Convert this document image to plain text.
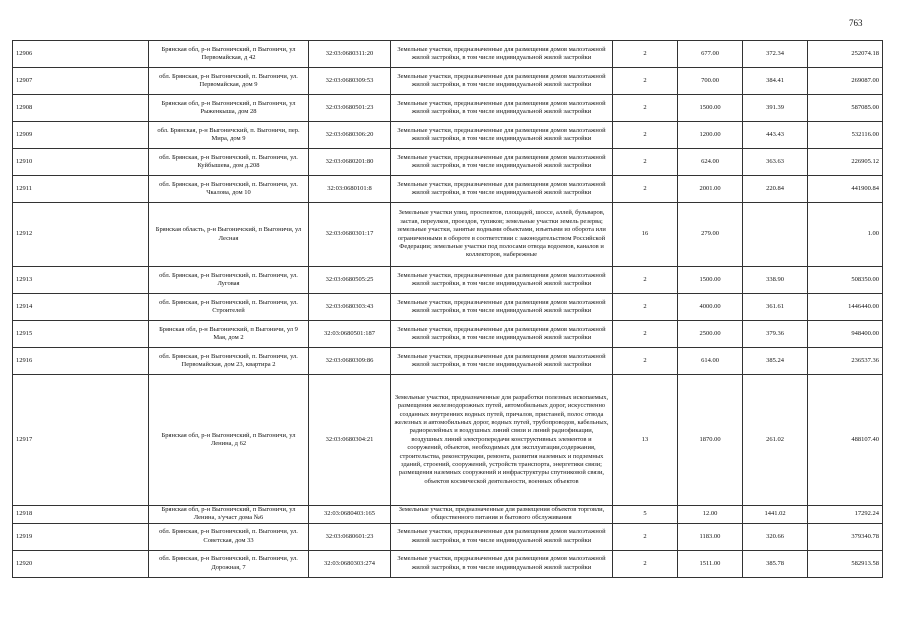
763
12906	Брянская обл, р-н Выгоничский, п Выгоничи, ул Первомайская, д 42	32:03:0680311:20	Земельные участки, предназначенные для размещения домов малоэтажной жилой застройки, в том числе индивидуальной жилой застройки	2	677.00	372.34	252074.18
12907	обл. Брянская, р-н Выгоничский, п. Выгоничи, ул. Первомайская, дом 9	32:03:0680309:53	Земельные участки, предназначенные для размещения домов малоэтажной жилой застройки, в том числе индивидуальной жилой застройки	2	700.00	384.41	269087.00
12908	Брянская обл, р-н Выгоничский, п Выгоничи, ул Рыженкыша, дом 28	32:03:0680501:23	Земельные участки, предназначенные для размещения домов малоэтажной жилой застройки, в том числе индивидуальной жилой застройки	2	1500.00	391.39	587085.00
12909	обл. Брянская, р-н Выгоничский, п. Выгоничи, пер. Мира, дом 9	32:03:0680306:20	Земельные участки, предназначенные для размещения домов малоэтажной жилой застройки, в том числе индивидуальной жилой застройки	2	1200.00	443.43	532116.00
12910	обл. Брянская, р-н Выгоничский, п. Выгоничи, ул. Куйбышева, дом д.208	32:03:0680201:80	Земельные участки, предназначенные для размещения домов малоэтажной жилой застройки, в том числе индивидуальной жилой застройки	2	624.00	363.63	226905.12
12911	обл. Брянская, р-н Выгоничский, п. Выгоничи, ул. Чкалова, дом 10	32:03:0680101:8	Земельные участки, предназначенные для размещения домов малоэтажной жилой застройки, в том числе индивидуальной жилой застройки	2	2001.00	220.84	441900.84
12912	Брянская область, р-н Выгоничский, п Выгоничи, ул Лесная	32:03:0680301:17	Земельные участки улиц, проспектов, площадей, шоссе, аллей, бульваров, застав, переулков, проездов, тупиков; земельные участки земель резерва; земельные участки, занятые водными объектами, изъятыми из оборота или ограниченными в обороте в соответствии с законодательством Российской Федерации; земельные участки под полосами отвода водоемов, каналов и коллекторов, набережные	16	279.00		1.00
12913	обл. Брянская, р-н Выгоничский, п. Выгоничи, ул. Луговая	32:03:0680505:25	Земельные участки, предназначенные для размещения домов малоэтажной жилой застройки, в том числе индивидуальной жилой застройки	2	1500.00	338.90	508350.00
12914	обл. Брянская, р-н Выгоничский, п. Выгоничи, ул. Строителей	32:03:0680303:43	Земельные участки, предназначенные для размещения домов малоэтажной жилой застройки, в том числе индивидуальной жилой застройки	2	4000.00	361.61	1446440.00
12915	Брянская обл, р-н Выгоничский, п Выгоничи, ул 9 Мая, дом 2	32:03:0680501:187	Земельные участки, предназначенные для размещения домов малоэтажной жилой застройки, в том числе индивидуальной жилой застройки	2	2500.00	379.36	948400.00
12916	обл. Брянская, р-н Выгоничский, п. Выгоничи, ул. Первомайская, дом 23, квартира 2	32:03:0680309:86	Земельные участки, предназначенные для размещения домов малоэтажной жилой застройки, в том числе индивидуальной жилой застройки	2	614.00	385.24	236537.36
12917	Брянская обл, р-н Выгоничский, п Выгоничи, ул Ленина, д 62	32:03:0680304:21	Земельные участки, предназначенные для разработки полезных ископаемых, размещения железнодорожных путей, автомобильных дорог, искусственно созданных внутренних водных путей, причалов, пристаней, полос отвода железных и автомобильных дорог, водных путей, трубопроводов, кабельных, радиорелейных и воздушных линий связи и линий радиофикации, воздушных линий электропередачи конструктивных элементов и сооружений, объектов, необходимых для эксплуатации,содержания, строительства, реконструкции, ремонта, развития наземных и подземных зданий, строений, сооружений, устройств транспорта, энергетики связи; размещения наземных сооружений и инфраструктуры спутниковой связи, объектов космической деятельности, военных объектов	13	1870.00	261.02	488107.40
12918	Брянская обл, р-н Выгоничский, п Выгоничи, ул Ленина, з/участ дома №6	32:03:0680403:165	Земельные участки, предназначенные для размещения объектов торговли, общественного питания и бытового обслуживания	5	12.00	1441.02	17292.24
12919	обл. Брянская, р-н Выгоничский, п. Выгоничи, ул. Советская, дом 33	32:03:0680601:23	Земельные участки, предназначенные для размещения домов малоэтажной жилой застройки, в том числе индивидуальной жилой застройки	2	1183.00	320.66	379340.78
12920	обл. Брянская, р-н Выгоничский, п. Выгоничи, ул. Дорожная, 7	32:03:0680303:274	Земельные участки, предназначенные для размещения домов малоэтажной жилой застройки, в том числе индивидуальной жилой застройки	2	1511.00	385.78	582913.58
